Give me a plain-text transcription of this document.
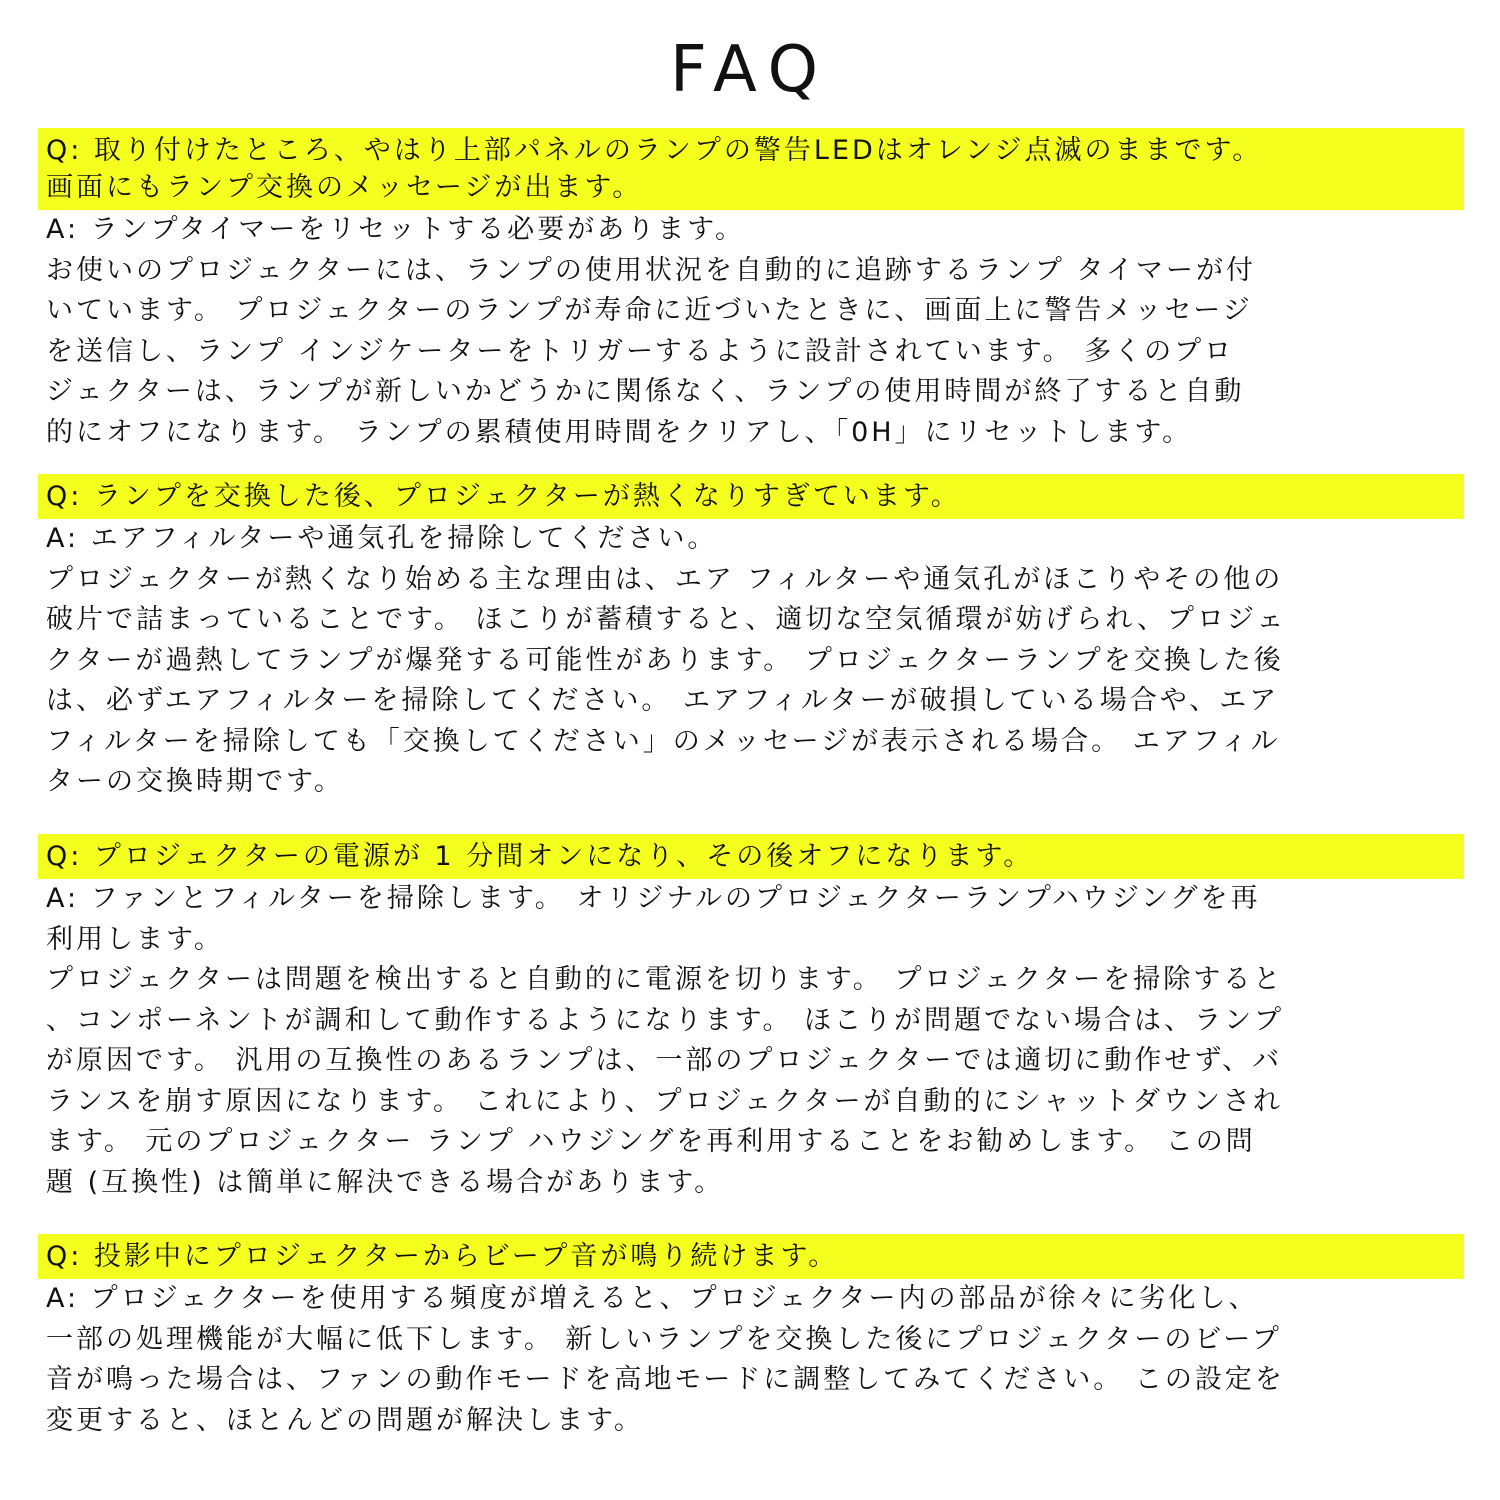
FAQ
Q: 取り付けたところ、やはり上部パネルのランプの警告LEDはオレンジ点滅のままです。
画面にもランプ交換のメッセージが出ます。

A: ランプタイマーをリセットする必要があります。

お使いのプロジェクターには、ランプの使用状況を自動的に追跡するランプ タイマーが付
いています。 プロジェクターのランプが寿命に近づいたときに、画面上に警告メッセージ
を送信し、ランプ インジケーターをトリガーするように設計されています。 多くのプロ
ジェクターは、ランプが新しいかどうかに関係なく、ランプの使用時間が終了すると自動
的にオフになります。 ランプの累積使用時間をクリアし、「0H」にリセットします。

Q: ランプを交換した後、プロジェクターが熱くなりすぎています。

A: エアフィルターや通気孔を掃除してください。

プロジェクターが熱くなり始める主な理由は、エア フィルターや通気孔がほこりやその他の
破片で詰まっていることです。 ほこりが蓄積すると、適切な空気循環が妨げられ、プロジェ
クターが過熱してランプが爆発する可能性があります。 プロジェクターランプを交換した後
は、必ずエアフィルターを掃除してください。 エアフィルターが破損している場合や、エア
フィルターを掃除しても「交換してください」のメッセージが表示される場合。 エアフィル
ターの交換時期です。

Q: プロジェクターの電源が 1 分間オンになり、その後オフになります。

A: ファンとフィルターを掃除します。 オリジナルのプロジェクターランプハウジングを再
利用します。

プロジェクターは問題を検出すると自動的に電源を切ります。 プロジェクターを掃除すると
、コンポーネントが調和して動作するようになります。 ほこりが問題でない場合は、ランプ
が原因です。 汎用の互換性のあるランプは、一部のプロジェクターでは適切に動作せず、バ
ランスを崩す原因になります。 これにより、プロジェクターが自動的にシャットダウンされ
ます。 元のプロジェクター ランプ ハウジングを再利用することをお勧めします。 この問
題 (互換性) は簡単に解決できる場合があります。

Q: 投影中にプロジェクターからビープ音が鳴り続けます。

A: プロジェクターを使用する頻度が増えると、プロジェクター内の部品が徐々に劣化し、
一部の処理機能が大幅に低下します。 新しいランプを交換した後にプロジェクターのビープ
音が鳴った場合は、ファンの動作モードを高地モードに調整してみてください。 この設定を
変更すると、ほとんどの問題が解決します。
